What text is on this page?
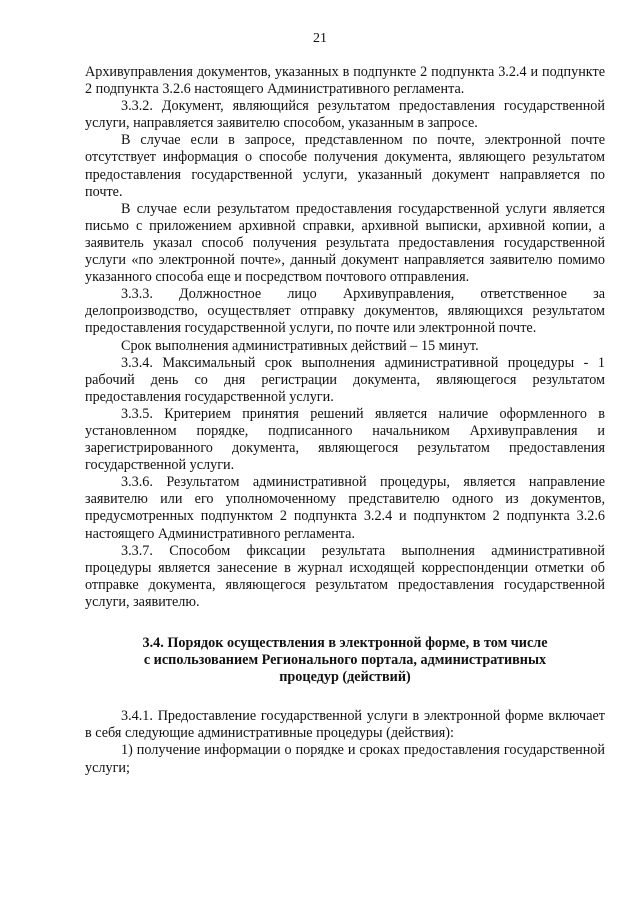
21

Архивуправления документов, указанных в подпункте 2 подпункта 3.2.4 и подпункте 2 подпункта 3.2.6 настоящего Административного регламента.

3.3.2. Документ, являющийся результатом предоставления государственной услуги, направляется заявителю способом, указанным в запросе.

В случае если в запросе, представленном по почте, электронной почте отсутствует информация о способе получения документа, являющего результатом предоставления государственной услуги, указанный документ направляется по почте.

В случае если результатом предоставления государственной услуги является письмо с приложением архивной справки, архивной выписки, архивной копии, а заявитель указал способ получения результата предоставления государственной услуги «по электронной почте», данный документ направляется заявителю помимо указанного способа еще и посредством почтового отправления.

3.3.3. Должностное лицо Архивуправления, ответственное за делопроизводство, осуществляет отправку документов, являющихся результатом предоставления государственной услуги, по почте или электронной почте.

Срок выполнения административных действий – 15 минут.

3.3.4. Максимальный срок выполнения административной процедуры - 1 рабочий день со дня регистрации документа, являющегося результатом предоставления государственной услуги.

3.3.5. Критерием принятия решений является наличие оформленного в установленном порядке, подписанного начальником Архивуправления и зарегистрированного документа, являющегося результатом предоставления государственной услуги.

3.3.6. Результатом административной процедуры, является направление заявителю или его уполномоченному представителю одного из документов, предусмотренных подпунктом 2 подпункта 3.2.4 и подпунктом 2 подпункта 3.2.6 настоящего Административного регламента.

3.3.7. Способом фиксации результата выполнения административной процедуры является занесение в журнал исходящей корреспонденции отметки об отправке документа, являющегося результатом предоставления государственной услуги, заявителю.

3.4. Порядок осуществления в электронной форме, в том числе
с использованием Регионального портала, административных
процедур (действий)

3.4.1. Предоставление государственной услуги в электронной форме включает в себя следующие административные процедуры (действия):

1) получение информации о порядке и сроках предоставления государственной услуги;
